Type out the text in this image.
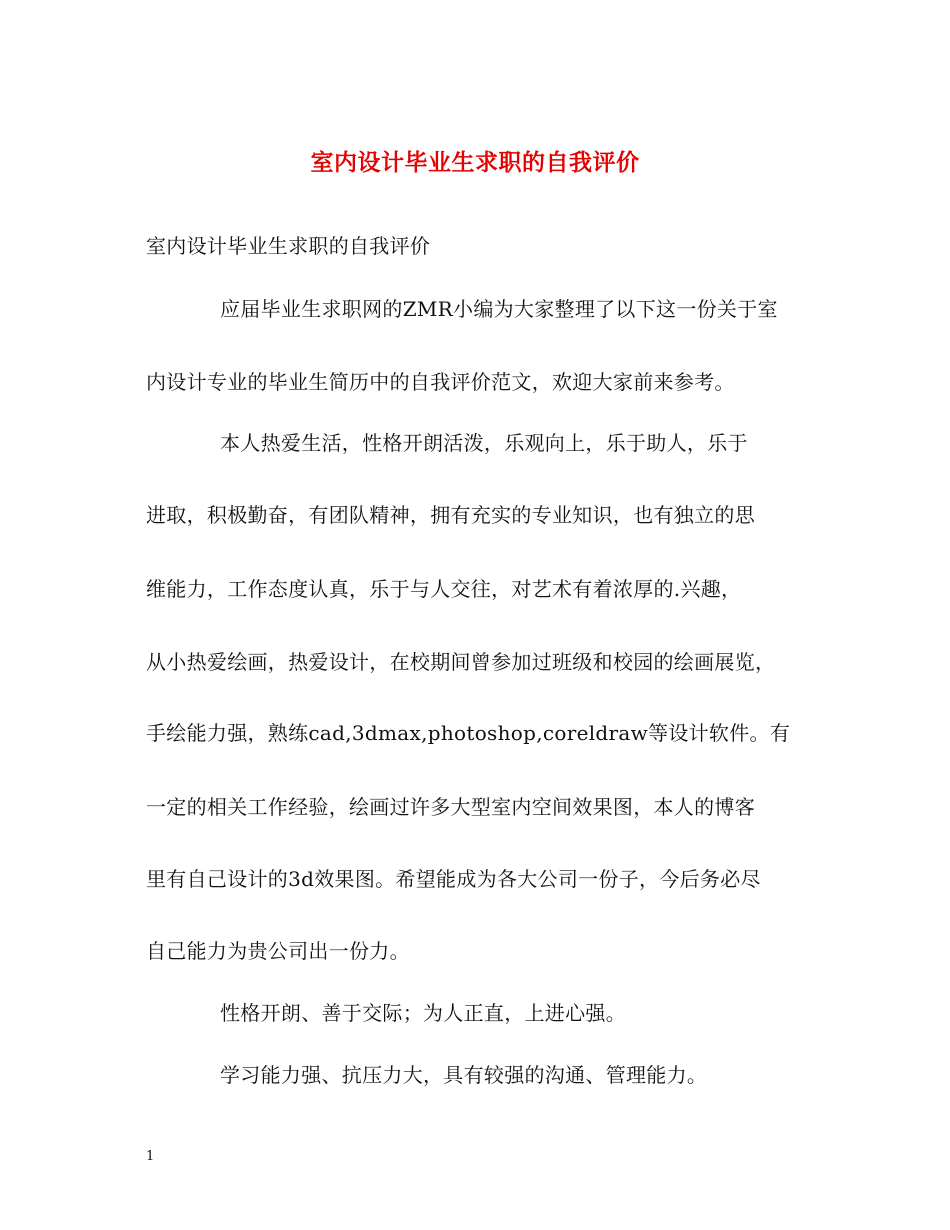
室内设计毕业生求职的自我评价
室内设计毕业生求职的自我评价
应届毕业生求职网的ZMR小编为大家整理了以下这一份关于室
内设计专业的毕业生简历中的自我评价范文，欢迎大家前来参考。
本人热爱生活，性格开朗活泼，乐观向上，乐于助人，乐于
进取，积极勤奋，有团队精神，拥有充实的专业知识，也有独立的思
维能力，工作态度认真，乐于与人交往，对艺术有着浓厚的.兴趣，
从小热爱绘画，热爱设计，在校期间曾参加过班级和校园的绘画展览，
手绘能力强，熟练cad,3dmax,photoshop,coreldraw等设计软件。有
一定的相关工作经验，绘画过许多大型室内空间效果图，本人的博客
里有自己设计的3d效果图。希望能成为各大公司一份子，今后务必尽
自己能力为贵公司出一份力。
性格开朗、善于交际；为人正直，上进心强。
学习能力强、抗压力大，具有较强的沟通、管理能力。
1
